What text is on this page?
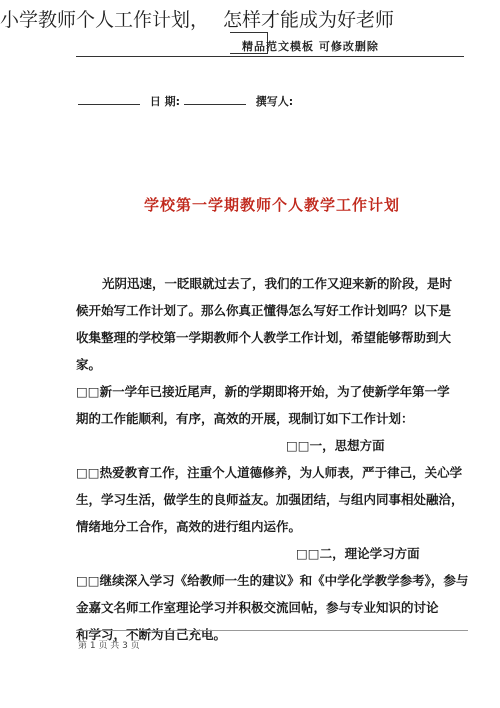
小学教师个人工作计划， 怎样才能成为好老师
精品范文模板 可修改删除
日 期:	撰写人:
学校第一学期教师个人教学工作计划

光阴迅速，一眨眼就过去了，我们的工作又迎来新的阶段，是时

候开始写工作计划了。那么你真正懂得怎么写好工作计划吗？以下是

收集整理的学校第一学期教师个人教学工作计划，希望能够帮助到大

家。

□□新一学年已接近尾声，新的学期即将开始，为了使新学年第一学

期的工作能顺利，有序，高效的开展，现制订如下工作计划：

□□一，思想方面

□□热爱教育工作，注重个人道德修养，为人师表，严于律己，关心学

生，学习生活，做学生的良师益友。加强团结，与组内同事相处融洽，

情绪地分工合作，高效的进行组内运作。

□□二，理论学习方面

□□继续深入学习《给教师一生的建议》和《中学化学教学参考》，参与

金嘉文名师工作室理论学习并积极交流回帖，参与专业知识的讨论

和学习，不断为自己充电。

第 1 页 共 3 页
